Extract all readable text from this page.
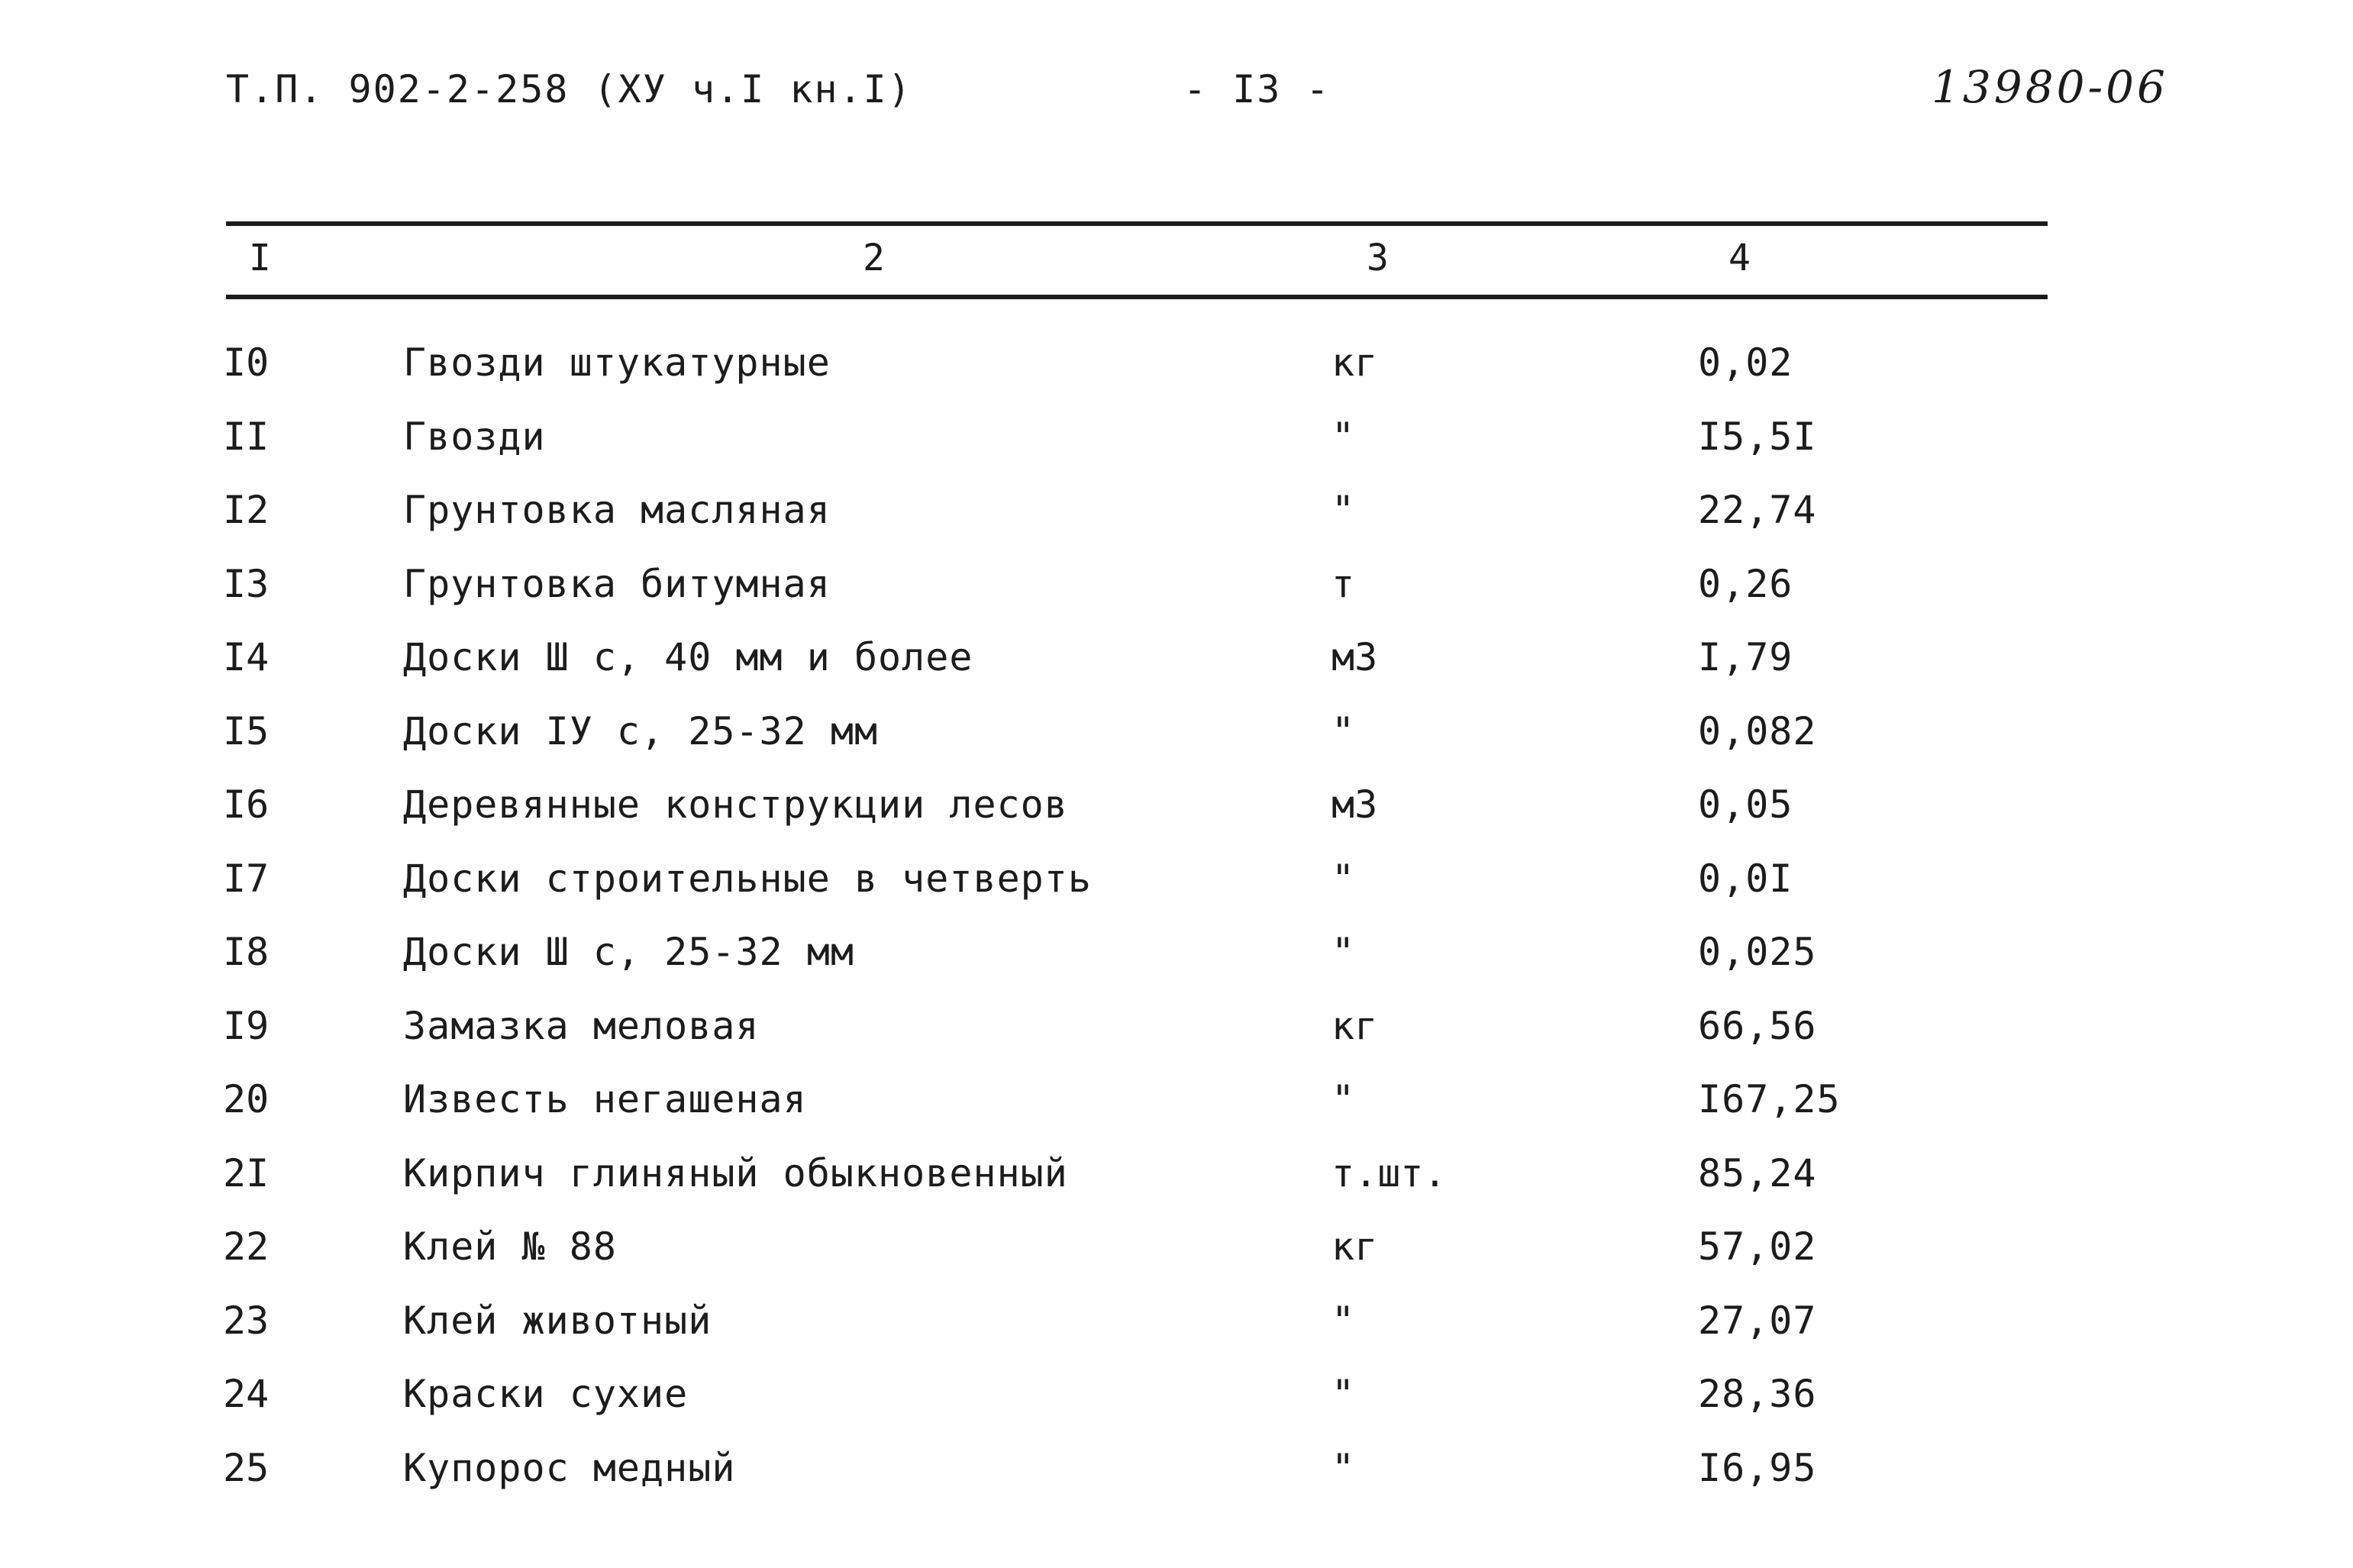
Т.П. 902-2-258 (ХУ ч.I кн.I)	- I3 -	13980-06
I	2	3	4
I0	Гвозди штукатурные	кг	0,02
II	Гвозди	"	I5,5I
I2	Грунтовка масляная	"	22,74
I3	Грунтовка битумная	т	0,26
I4	Доски Ш с, 40 мм и более	м3	I,79
I5	Доски IУ с, 25-32 мм	"	0,082
I6	Деревянные конструкции лесов	м3	0,05
I7	Доски строительные в четверть	"	0,0I
I8	Доски Ш с, 25-32 мм	"	0,025
I9	Замазка меловая	кг	66,56
20	Известь негашеная	"	I67,25
2I	Кирпич глиняный обыкновенный	т.шт.	85,24
22	Клей № 88	кг	57,02
23	Клей животный	"	27,07
24	Краски сухие	"	28,36
25	Купорос медный	"	I6,95
